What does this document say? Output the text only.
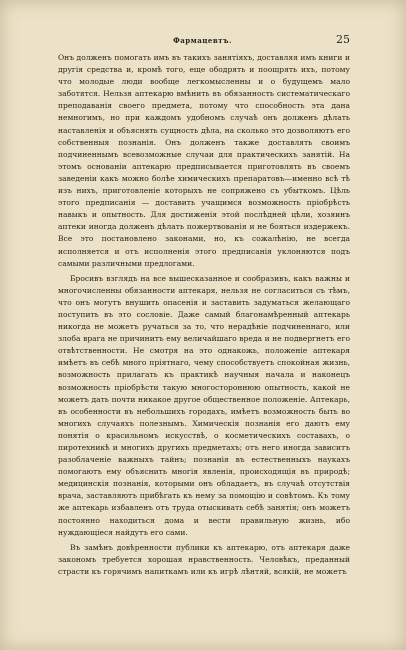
Фармацевтъ.	25

Онъ долженъ помогать имъ въ такихъ занятіяхъ, доставляя имъ книги и другія средства и, кромѣ того, еще ободрять и поощрять ихъ, потому что молодые люди вообще легкомысленны и о будущемъ мало заботятся. Нельзя аптекарю вмѣнить въ обязанность систематическаго преподаванія своего предмета, потому что способность эта дана немногимъ, но при каждомъ удобномъ случаѣ онъ долженъ дѣлать наставленія и объяснять сущность дѣла, на сколько это дозволяютъ его собственныя познанія. Онъ долженъ также доставлять своимъ подчиненнымъ всевозможные случаи для практическихъ занятій. На этомъ основаніи аптекарю предписывается приготовлять въ своемъ заведеніи какъ можно болѣе химическихъ препаратовъ—именно всѣ тѣ изъ нихъ, приготовленіе которыхъ не сопряжено съ убыткомъ. Цѣль этого предписанія — доставить учащимся возможность пріобрѣсть навыкъ и опытность. Для достиженія этой послѣдней цѣли, хозяинъ аптеки иногда долженъ дѣлать пожертвованія и не бояться издержекъ. Все это постановлено законами, но, къ сожалѣнію, не всегда исполняется и отъ исполненія этого предписанія уклоняются подъ самыми различными предлогами.

Бросивъ взглядъ на все вышесказанное и сообразивъ, какъ важны и многочисленны обязанности аптекаря, нельзя не согласиться съ тѣмъ, что онъ могутъ внушить опасенія и заставить задуматься желающаго поступить въ это сословіе. Даже самый благонамѣренный аптекарь никогда не можетъ ручаться за то, что нерадѣніе подчиненнаго, или злоба врага не причинитъ ему величайшаго вреда и не подвергнетъ его отвѣтственности. Не смотря на это однакожь, положеніе аптекаря имѣетъ въ себѣ много пріятнаго, чему способствуетъ спокойная жизнь, возможность прилагать къ практикѣ научныя начала и наконецъ возможность пріобрѣсти такую многостороннюю опытность, какой не можетъ дать почти никакое другое общественное положеніе. Аптекарь, въ особенности въ небольшихъ городахъ, имѣетъ возможность быть во многихъ случаяхъ полезнымъ. Химическія познанія его даютъ ему понятія о красильномъ искусствѣ, о косметическихъ составахъ, о пиротехникѣ и многихъ другихъ предметахъ; отъ него иногда зависитъ разоблаченіе важныхъ тайнъ; познанія въ естественныхъ наукахъ помогаютъ ему объяснить многія явленія, происходящія въ природѣ; медицинскія познанія, которыми онъ обладаетъ, въ случаѣ отсутствія врача, заставляютъ прибѣгать къ нему за помощію и совѣтомъ. Къ тому же аптекарь избавленъ отъ труда отыскивать себѣ занятія; онъ можетъ постоянно находиться дома и вести правильную жизнь, ибо нуждающіеся найдутъ его сами.

Въ замѣнъ довѣренности публики къ аптекарю, отъ аптекаря даже закономъ требуется хорошая нравственность. Человѣкъ, преданный страсти къ горячимъ напиткамъ или къ игрѣ лѣнтяй, всякій, не можетъ
